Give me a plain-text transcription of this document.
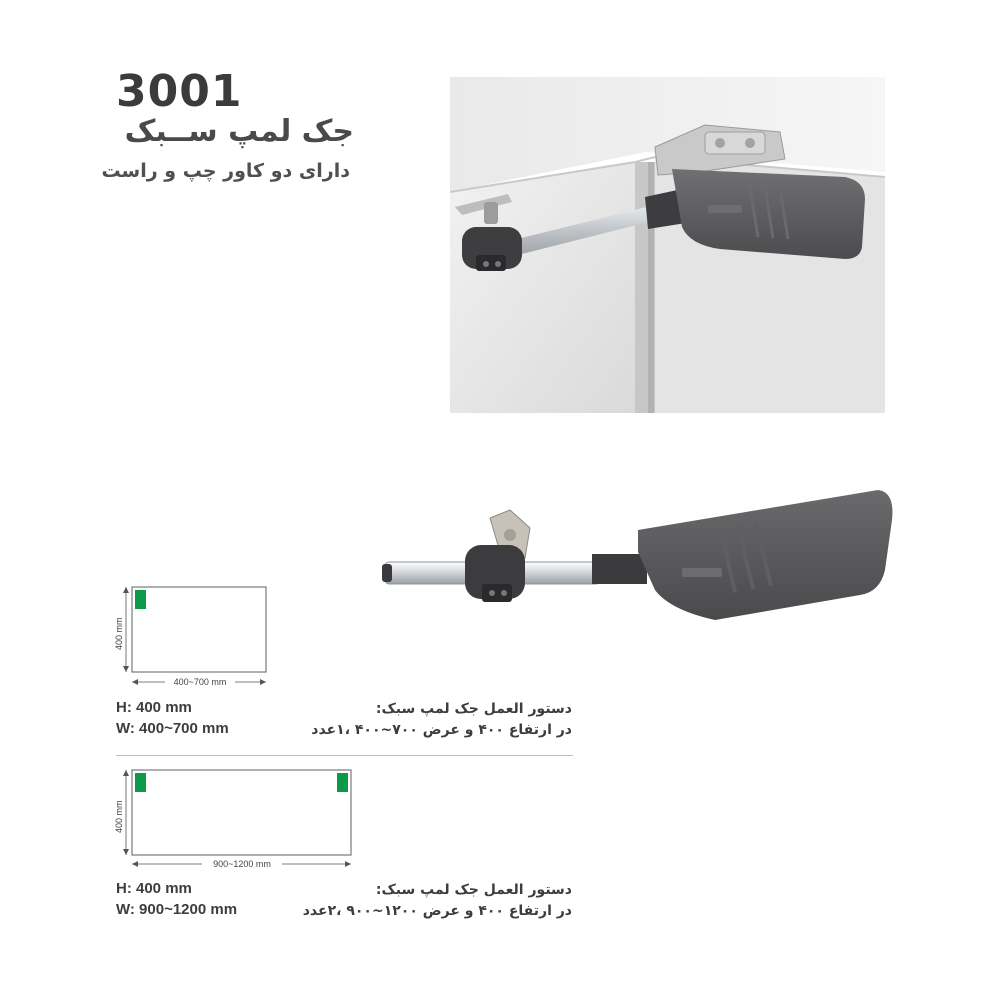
3001
جک لمپ ســبک
دارای دو کاور چپ و راست
400 mm
400~700 mm
H: 400 mm
W: 400~700 mm
دستور العمل جک لمپ سبک:
در ارتفاع ۴۰۰ و عرض ۷۰۰~۴۰۰ ،۱عدد
400 mm
900~1200 mm
H: 400 mm
W: 900~1200 mm
دستور العمل جک لمپ سبک:
در ارتفاع ۴۰۰ و عرض ۱۲۰۰~۹۰۰ ،۲عدد
